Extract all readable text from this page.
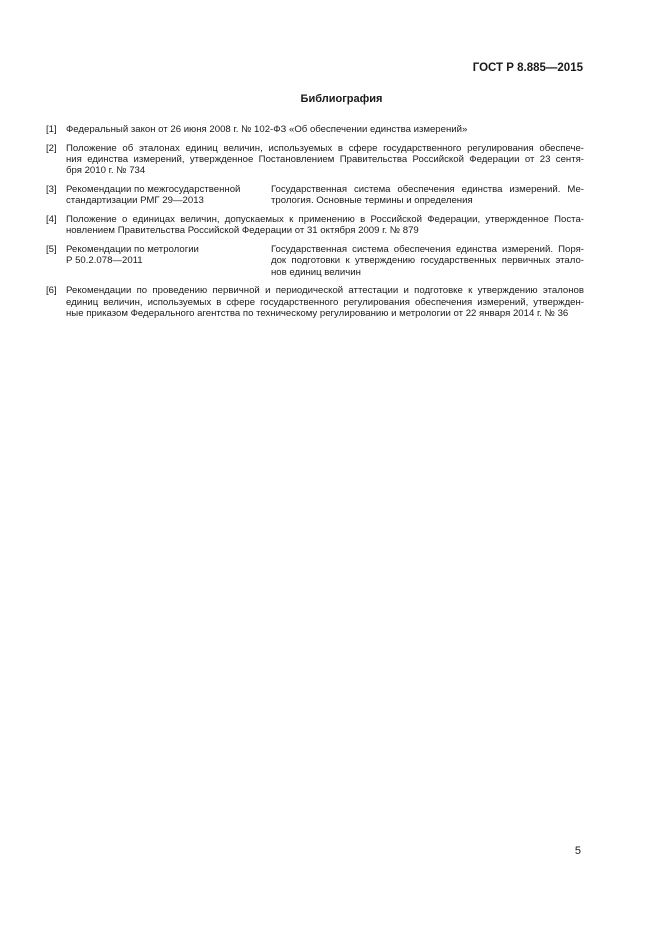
ГОСТ Р 8.885—2015
Библиография
[1] Федеральный закон от 26 июня 2008 г. № 102-ФЗ «Об обеспечении единства измерений»
[2] Положение об эталонах единиц величин, используемых в сфере государственного регулирования обеспече-
ния единства измерений, утвержденное Постановлением Правительства Российской Федерации от 23 сентя-
бря 2010 г. № 734
[3] Рекомендации по межгосударственной
стандартизации РМГ 29—2013
Государственная система обеспечения единства измерений. Ме-
трология. Основные термины и определения
[4] Положение о единицах величин, допускаемых к применению в Российской Федерации, утвержденное Поста-
новлением Правительства Российской Федерации от 31 октября 2009 г. № 879
[5] Рекомендации по метрологии
Р 50.2.078—2011
Государственная система обеспечения единства измерений. Поря-
док подготовки к утверждению государственных первичных этало-
нов единиц величин
[6] Рекомендации по проведению первичной и периодической аттестации и подготовке к утверждению эталонов
единиц величин, используемых в сфере государственного регулирования обеспечения измерений, утвержден-
ные приказом Федерального агентства по техническому регулированию и метрологии от 22 января 2014 г. № 36
5
